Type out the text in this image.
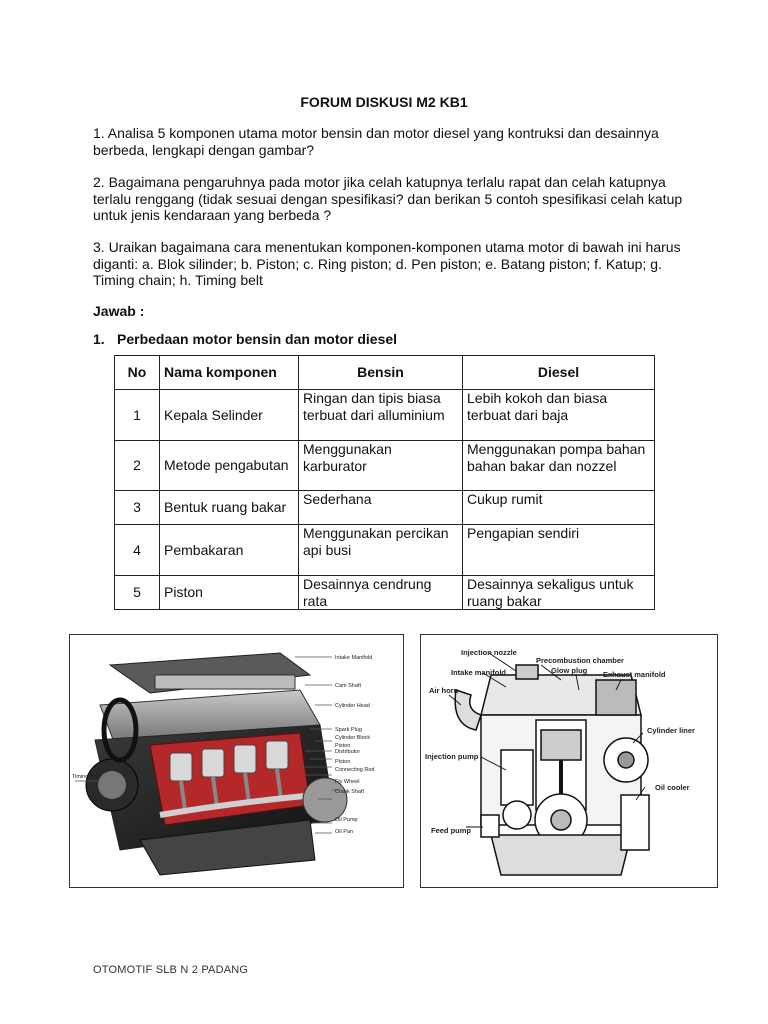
FORUM DISKUSI M2 KB1
1. Analisa 5 komponen utama motor bensin dan motor diesel yang kontruksi dan desainnya berbeda, lengkapi dengan gambar?
2. Bagaimana pengaruhnya pada motor jika celah katupnya terlalu rapat dan celah katupnya terlalu renggang (tidak sesuai dengan spesifikasi? dan berikan 5 contoh spesifikasi celah katup untuk jenis kendaraan yang berbeda ?
3. Uraikan bagaimana cara menentukan komponen-komponen utama motor di bawah ini harus diganti: a. Blok silinder; b. Piston; c. Ring piston; d. Pen piston; e. Batang piston; f. Katup; g. Timing chain; h. Timing belt
Jawab :
1. Perbedaan motor bensin dan motor diesel
No	Nama komponen	Bensin	Diesel
1	Kepala Selinder	Ringan dan tipis biasa terbuat dari alluminium	Lebih kokoh dan biasa terbuat dari baja
2	Metode pengabutan	Menggunakan karburator	Menggunakan pompa bahan bahan bakar dan nozzel
3	Bentuk ruang bakar	Sederhana	Cukup rumit
4	Pembakaran	Menggunakan percikan api busi	Pengapian sendiri
5	Piston	Desainnya cendrung rata	Desainnya sekaligus untuk ruang bakar
Intake Manifold
Cam Shaft
Cylinder Head
Spark Plug
Cylinder Block
Piston
Distributor
Piston
Connecting Rod
Fly Wheel
Crank Shaft
Oil Pump
Oil Pan
Timing Belt
Injection nozzle
Precombustion chamber
Intake manifold	Glow plug Exhaust manifold
Air horn
Cylinder liner
Injection pump
Oil cooler
Feed pump
OTOMOTIF SLB N 2 PADANG
